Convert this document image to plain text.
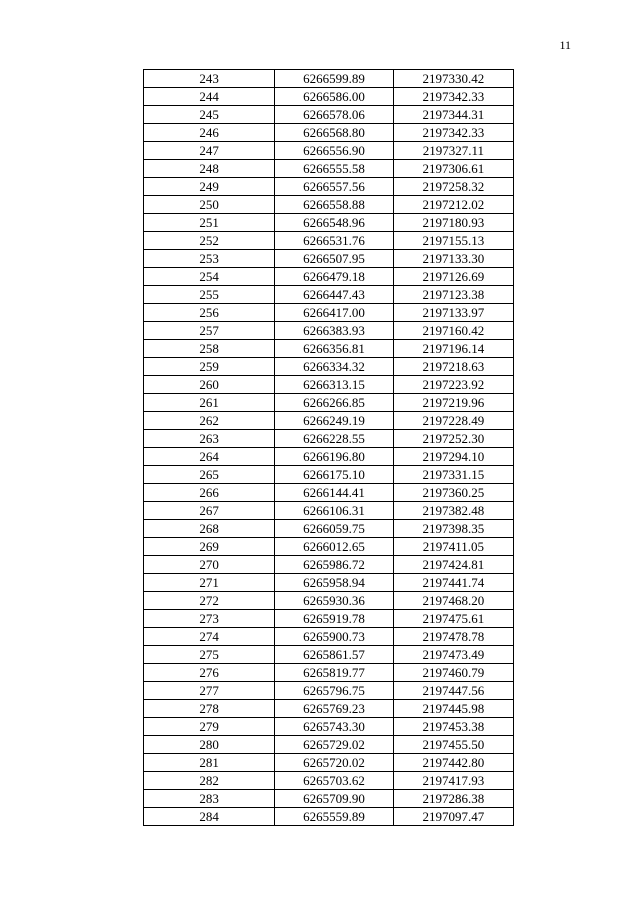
11
243	6266599.89	2197330.42
244	6266586.00	2197342.33
245	6266578.06	2197344.31
246	6266568.80	2197342.33
247	6266556.90	2197327.11
248	6266555.58	2197306.61
249	6266557.56	2197258.32
250	6266558.88	2197212.02
251	6266548.96	2197180.93
252	6266531.76	2197155.13
253	6266507.95	2197133.30
254	6266479.18	2197126.69
255	6266447.43	2197123.38
256	6266417.00	2197133.97
257	6266383.93	2197160.42
258	6266356.81	2197196.14
259	6266334.32	2197218.63
260	6266313.15	2197223.92
261	6266266.85	2197219.96
262	6266249.19	2197228.49
263	6266228.55	2197252.30
264	6266196.80	2197294.10
265	6266175.10	2197331.15
266	6266144.41	2197360.25
267	6266106.31	2197382.48
268	6266059.75	2197398.35
269	6266012.65	2197411.05
270	6265986.72	2197424.81
271	6265958.94	2197441.74
272	6265930.36	2197468.20
273	6265919.78	2197475.61
274	6265900.73	2197478.78
275	6265861.57	2197473.49
276	6265819.77	2197460.79
277	6265796.75	2197447.56
278	6265769.23	2197445.98
279	6265743.30	2197453.38
280	6265729.02	2197455.50
281	6265720.02	2197442.80
282	6265703.62	2197417.93
283	6265709.90	2197286.38
284	6265559.89	2197097.47
